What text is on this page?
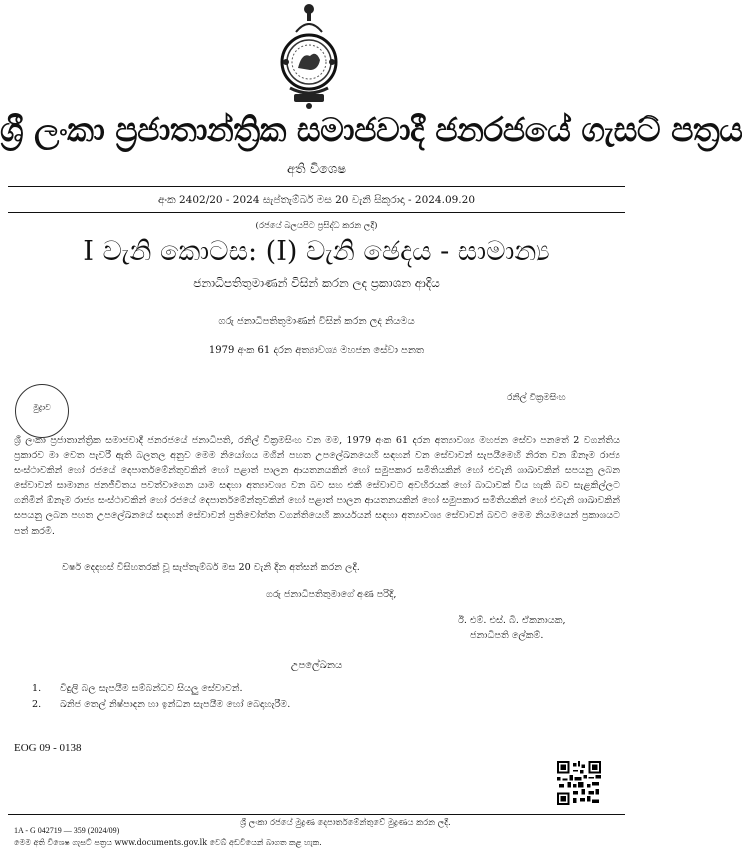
ශ්‍රී ලංකා ප්‍රජාතාන්ත්‍රික සමාජවාදී ජනරජයේ ගැසට් පත්‍රය
අති විශෙෂ
අංක 2402/20 - 2024 සැප්තැම්බර් මස 20 වැනි සිකුරාදා - 2024.09.20
(රජයේ බලයපිට ප්‍රසිද්ධ කරන ලදී)
I වැනි කොටස: (I) වැනි ඡෙදය - සාමාන්‍ය
ජනාධිපතිතුමාණන් විසින් කරන ලද ප්‍රකාශන ආදිය
ගරු ජනාධිපතිතුමාණන් විසින් කරන ලද නියමය
1979 අංක 61 දරන අත්‍යාවශ්‍ය මහජන සේවා පනත
මුද්‍රාව
රනිල් වික්‍රමසිංහ
ශ්‍රී ලංකා ප්‍රජාතාන්ත්‍රික සමාජවාදී ජනරජයේ ජනාධිපති, රනිල් වික්‍රමසිංහ වන මම, 1979 අංක 61 දරන අත්‍යාවශ්‍ය මහජන සේවා පනතේ 2 වගන්තිය ප්‍රකාරව මා වෙත පැවරී ඇති බලතල අනුව මෙම නියෝගය මගින් පහත උපලේඛනයෙහි සඳහන් වන සේවාවන් සැපයීමෙහි නිරත වන ඕනෑම රාජ්‍ය සංස්ථාවකින් හෝ රජයේ දෙපාර්තමේන්තුවකින් හෝ පළාත් පාලන ආයතනයකින් හෝ සමුපකාර සමිතියකින් හෝ එවැනි ශාඛාවකින් සපයනු ලබන සේවාවන් සාමාන්‍ය ජනජීවිතය පවත්වාගෙන යාම සඳහා අත්‍යාවශ්‍ය වන බව සහ එකී සේවාවට අවහිරයක් හෝ බාධාවක් විය හැකි බව සැළකිල්ලට ගනිමින් ඕනෑම රාජ්‍ය සංස්ථාවකින් හෝ රජයේ දෙපාර්තමේන්තුවකින් හෝ පළාත් පාලන ආයතනයකින් හෝ සමුපකාර සමිතියකින් හෝ එවැනි ශාඛාවකින් සපයනු ලබන පහත උපලේඛනයේ සඳහන් සේවාවන් ප්‍රතිවෝත්ත වගන්තියෙහි කාර්යයන් සඳහා අත්‍යාවශ්‍ය සේවාවන් බවට මෙම නියමයෙන් ප්‍රකාශයට පත් කරමි.
වර්ෂ දෙදහස් විසිහතරක් වූ සැප්තැම්බර් මස 20 වැනි දින අත්සන් කරන ලදී.
ගරු ජනාධිපතිතුමාගේ අණ පරිදි,
ඊ. එම්. එස්. බී. ඒකනායක,
ජනාධිපති ලේකම්.
උපලේඛනය
1. විදුලි බල සැපයීම සම්බන්ධව සියලු සේවාවන්.
2. ඛනිජ තෙල් නිෂ්පාදන හා ඉන්ධන සැපයීම හෝ බෙදාහැරීම.
EOG 09 - 0138
ශ්‍රී ලංකා රජයේ මුද්‍රණ දෙපාර්තමේන්තුවේ මුද්‍රණය කරන ලදී.
1A - G 042719 — 359 (2024/09)
මෙම අති විශෙෂ ගැසට් පත්‍රය www.documents.gov.lk වෙබ් අඩවියෙන් බාගත කළ හැක.
